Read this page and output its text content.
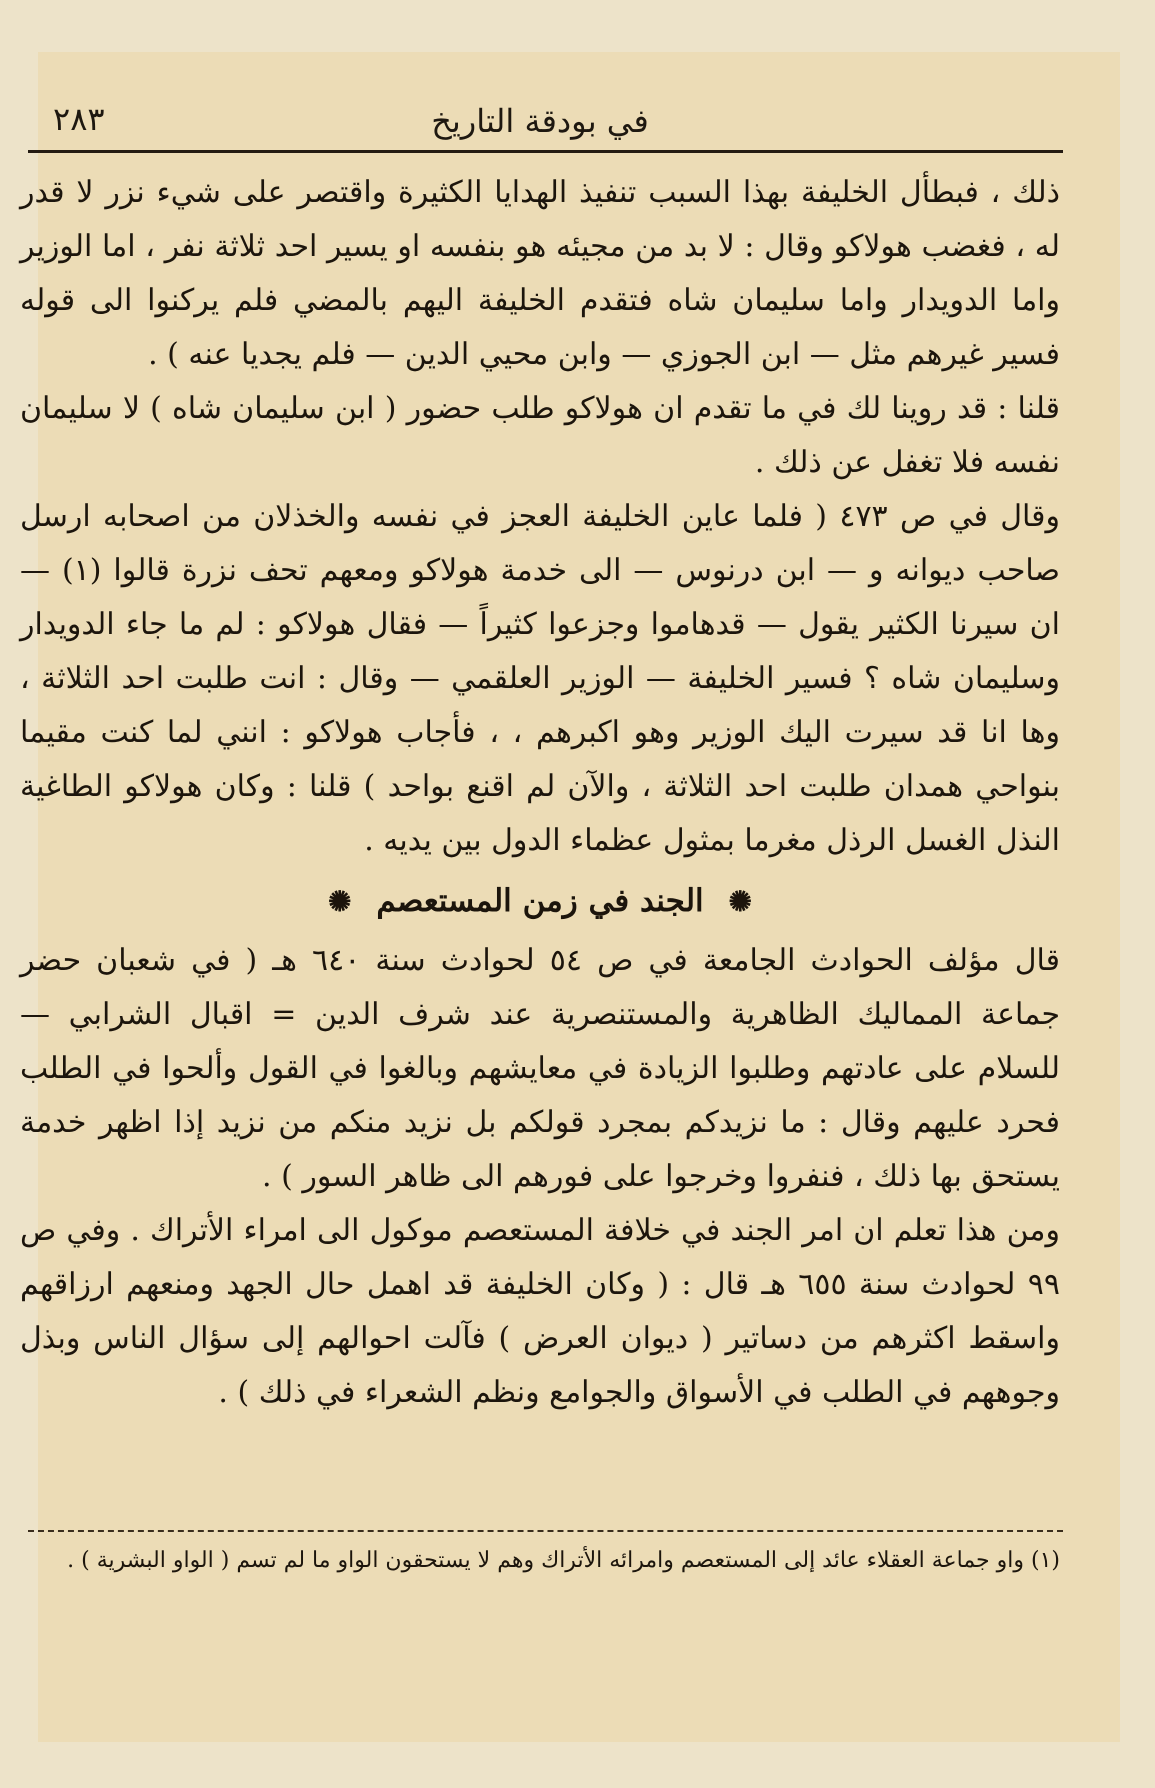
في بودقة التاريخ
٢٨٣

ذلك ، فبطأل الخليفة بهذا السبب تنفيذ الهدايا الكثيرة واقتصر على شيء نزر لا قدر له ، فغضب هولاكو وقال : لا بد من مجيئه هو بنفسه او يسير احد ثلاثة نفر ، اما الوزير واما الدويدار واما سليمان شاه فتقدم الخليفة اليهم بالمضي فلم يركنوا الى قوله فسير غيرهم مثل — ابن الجوزي — وابن محيي الدين — فلم يجديا عنه ) .

قلنا : قد روينا لك في ما تقدم ان هولاكو طلب حضور ( ابن سليمان شاه ) لا سليمان نفسه فلا تغفل عن ذلك .

وقال في ص ٤٧٣ ( فلما عاين الخليفة العجز في نفسه والخذلان من اصحابه ارسل صاحب ديوانه و — ابن درنوس — الى خدمة هولاكو ومعهم تحف نزرة قالوا (١) — ان سيرنا الكثير يقول — قدهاموا وجزعوا كثيراً — فقال هولاكو : لم ما جاء الدويدار وسليمان شاه ؟ فسير الخليفة — الوزير العلقمي — وقال : انت طلبت احد الثلاثة ، وها انا قد سيرت اليك الوزير وهو اكبرهم ، ، فأجاب هولاكو : انني لما كنت مقيما بنواحي همدان طلبت احد الثلاثة ، والآن لم اقنع بواحد ) قلنا : وكان هولاكو الطاغية النذل الغسل الرذل مغرما بمثول عظماء الدول بين يديه .

✺ الجند في زمن المستعصم ✺

قال مؤلف الحوادث الجامعة في ص ٥٤ لحوادث سنة ٦٤٠ هـ ( في شعبان حضر جماعة المماليك الظاهرية والمستنصرية عند شرف الدين = اقبال الشرابي — للسلام على عادتهم وطلبوا الزيادة في معايشهم وبالغوا في القول وألحوا في الطلب فحرد عليهم وقال : ما نزيدكم بمجرد قولكم بل نزيد منكم من نزيد إذا اظهر خدمة يستحق بها ذلك ، فنفروا وخرجوا على فورهم الى ظاهر السور ) .

ومن هذا تعلم ان امر الجند في خلافة المستعصم موكول الى امراء الأتراك . وفي ص ٩٩ لحوادث سنة ٦٥٥ هـ قال : ( وكان الخليفة قد اهمل حال الجهد ومنعهم ارزاقهم واسقط اكثرهم من دساتير ( ديوان العرض ) فآلت احوالهم إلى سؤال الناس وبذل وجوههم في الطلب في الأسواق والجوامع ونظم الشعراء في ذلك ) .

(١) واو جماعة العقلاء عائد إلى المستعصم وامرائه الأتراك وهم لا يستحقون الواو ما لم تسم ( الواو البشرية ) .
